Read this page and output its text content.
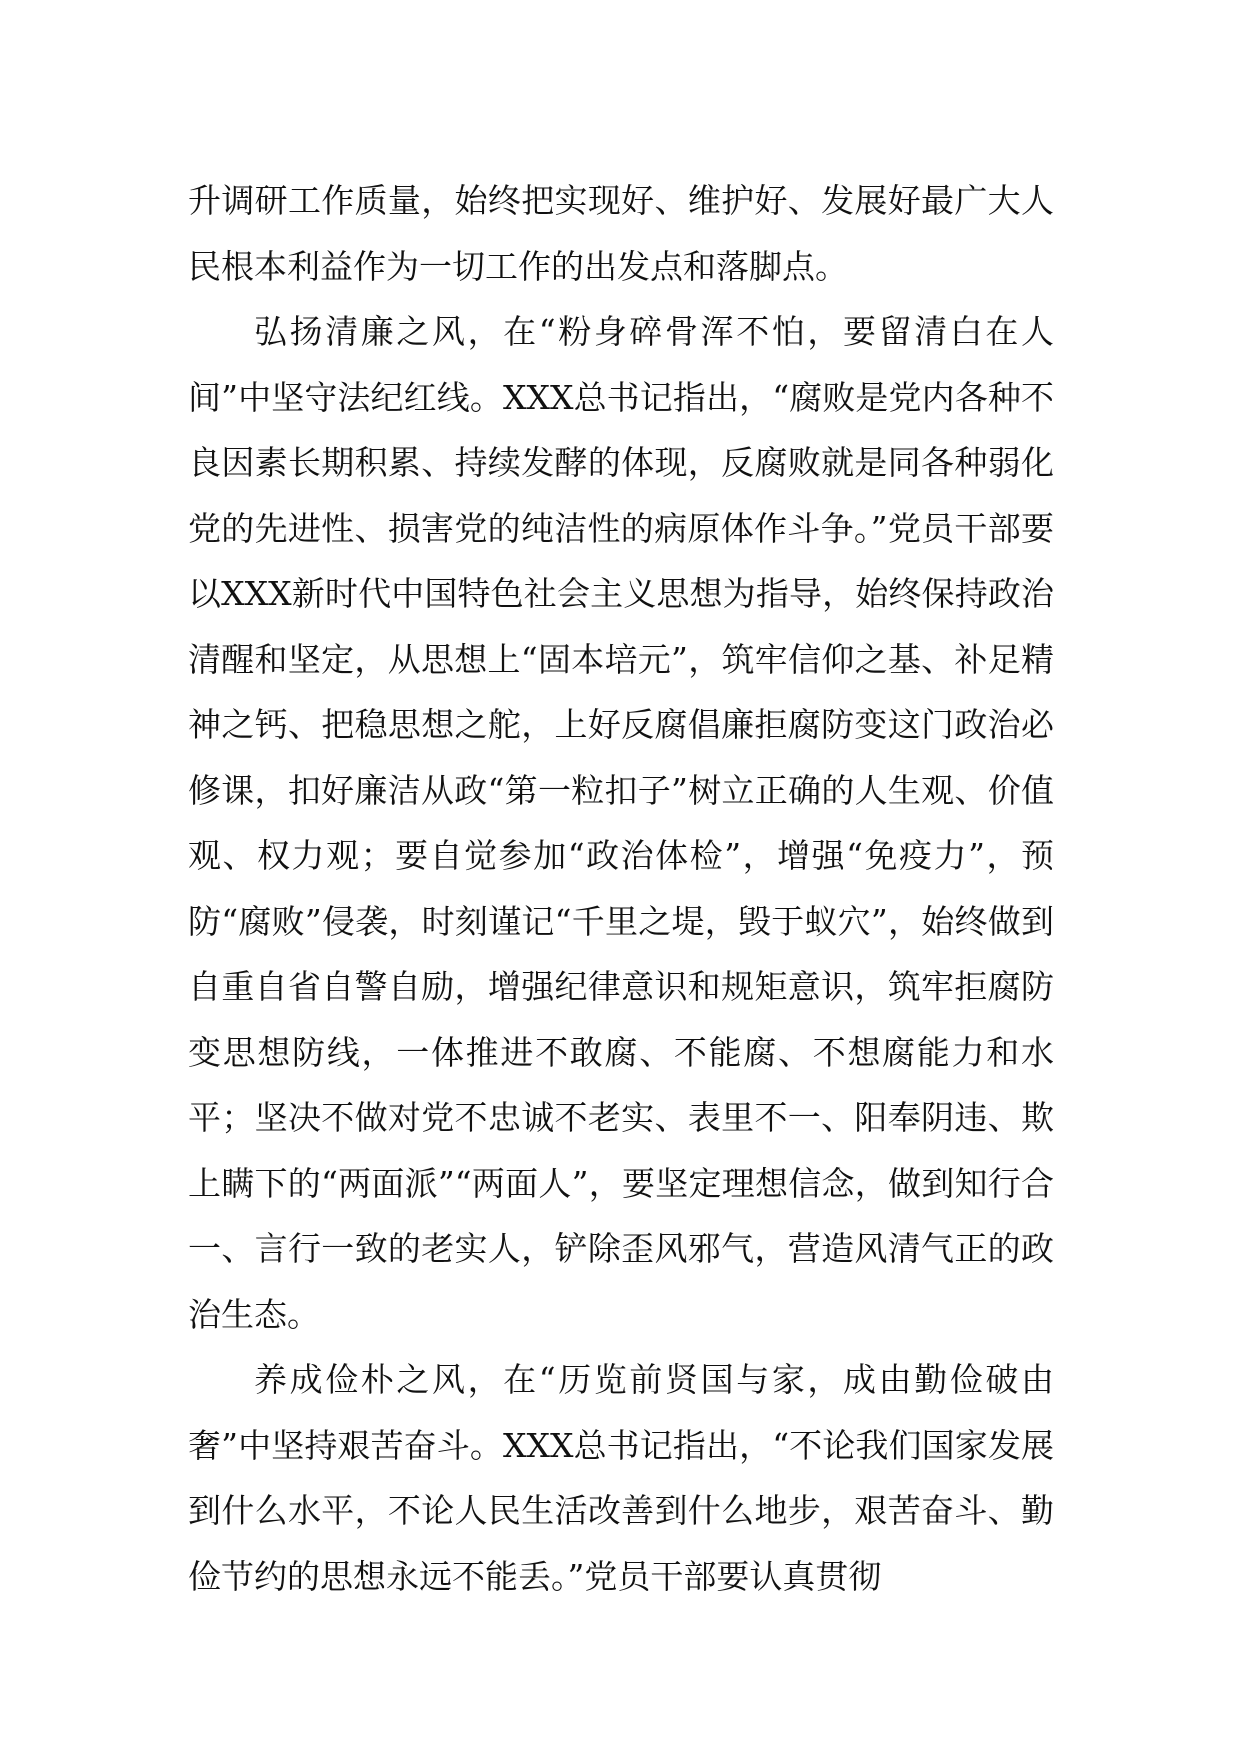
升调研工作质量，始终把实现好、维护好、发展好最广大人民根本利益作为一切工作的出发点和落脚点。

弘扬清廉之风，在“粉身碎骨浑不怕，要留清白在人间”中坚守法纪红线。XXX总书记指出，“腐败是党内各种不良因素长期积累、持续发酵的体现，反腐败就是同各种弱化党的先进性、损害党的纯洁性的病原体作斗争。”党员干部要以XXX新时代中国特色社会主义思想为指导，始终保持政治清醒和坚定，从思想上“固本培元”，筑牢信仰之基、补足精神之钙、把稳思想之舵，上好反腐倡廉拒腐防变这门政治必修课，扣好廉洁从政“第一粒扣子”树立正确的人生观、价值观、权力观；要自觉参加“政治体检”，增强“免疫力”，预防“腐败”侵袭，时刻谨记“千里之堤，毁于蚁穴”，始终做到自重自省自警自励，增强纪律意识和规矩意识，筑牢拒腐防变思想防线，一体推进不敢腐、不能腐、不想腐能力和水平；坚决不做对党不忠诚不老实、表里不一、阳奉阴违、欺上瞒下的“两面派”“两面人”，要坚定理想信念，做到知行合一、言行一致的老实人，铲除歪风邪气，营造风清气正的政治生态。

养成俭朴之风，在“历览前贤国与家，成由勤俭破由奢”中坚持艰苦奋斗。XXX总书记指出，“不论我们国家发展到什么水平，不论人民生活改善到什么地步，艰苦奋斗、勤俭节约的思想永远不能丢。”党员干部要认真贯彻
